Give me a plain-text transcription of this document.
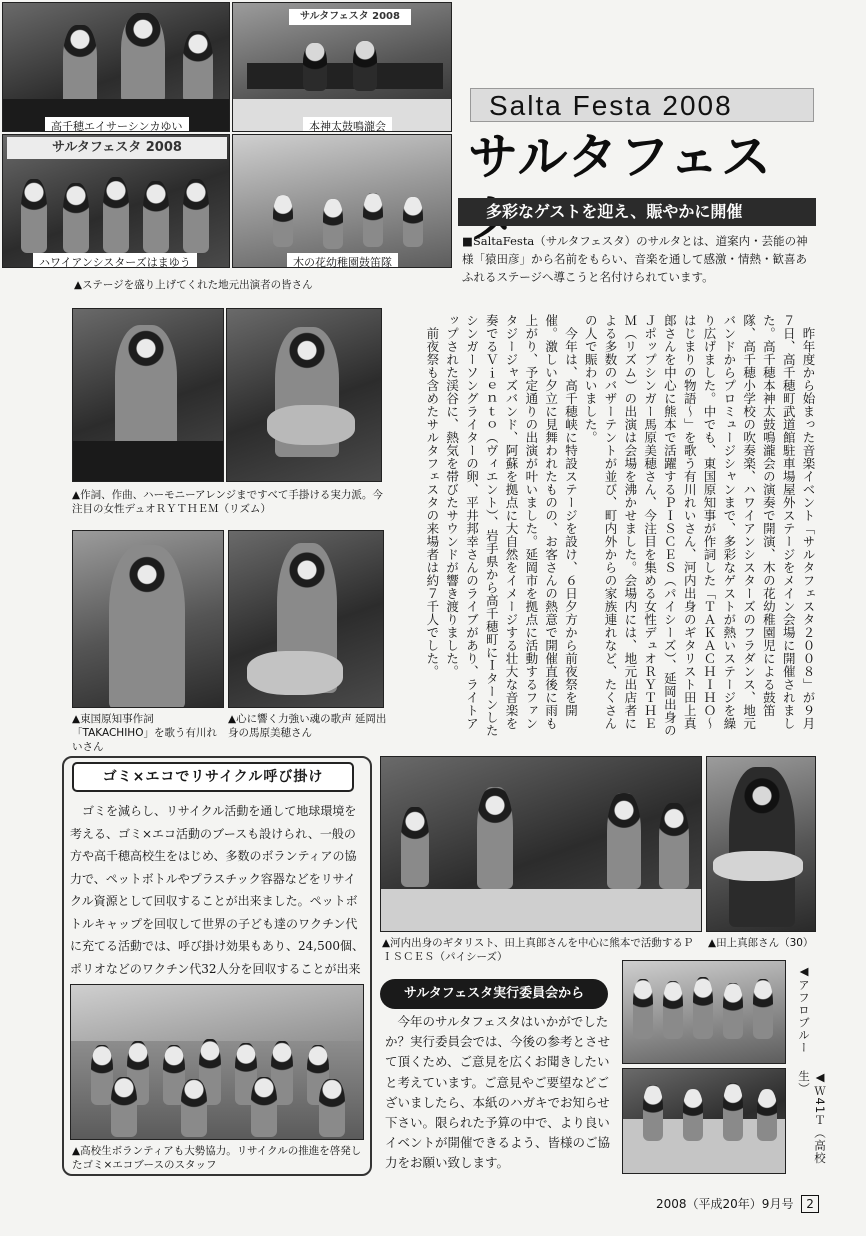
高千穂エイサーシンカゆい
サルタフェスタ 2008
本神太鼓鳴瀧会
サルタフェスタ 2008
ハワイアンシスターズはまゆう	木の花幼稚園鼓笛隊
▲ステージを盛り上げてくれた地元出演者の皆さん
Salta Festa 2008
サルタフェス
多彩なゲストを迎え、賑やかに開催
■SaltaFesta（サルタフェスタ）のサルタとは、道案内・芸能の神様「猿田彦」から名前をもらい、音楽を通して感激・情熱・歓喜あふれるステージへ導こうと名付けられています。
▲作詞、作曲、ハーモニーアレンジまですべて手掛ける実力派。今注目の女性デュオＲＹＴＨＥＭ（リズム）
▲東国原知事作詞「TAKACHIHO」を歌う有川れいさん
▲心に響く力強い魂の歌声 延岡出身の馬原美穂さん

昨年度から始まった音楽イベント「サルタフェスタ２００８」が９月７日、高千穂町武道館駐車場屋外ステージをメイン会場に開催されました。高千穂本神太鼓鳴瀧会の演奏で開演、木の花幼稚園児による鼓笛隊、高千穂小学校の吹奏楽、ハワイアンシスターズのフラダンス、地元バンドからプロミュージシャンまで、多彩なゲストが熱いステージを繰り広げました。中でも、東国原知事が作詞した「ＴＡＫＡＣＨＩＨＯ～はじまりの物語～」を歌う有川れいさん、河内出身のギタリスト田上真郎さんを中心に熊本で活躍するＰＩＳＣＥＳ（パイシーズ）、延岡出身のＪポップシンガー馬原美穂さん、今注目を集める女性デュオＲＹＴＨＥＭ（リズム）の出演は会場を沸かせました。会場内には、地元出店者による多数のバザーテントが並び、町内外からの家族連れなど、たくさんの人で賑わいました。

今年は、高千穂峡に特設ステージを設け、６日夕方から前夜祭を開催。激しい夕立に見舞われたものの、お客さんの熱意で開催直後に雨も上がり、予定通りの出演が叶いました。延岡市を拠点に活動するファンタジージャズバンド、阿蘇を拠点に大自然をイメージする壮大な音楽を奏でるＶｉｅｎｔｏ（ヴィエント）、岩手県から高千穂町にＩターンしたシンガーソングライターの卵、平井邦幸さんのライブがあり、ライトアップされた渓谷に、熱気を帯びたサウンドが響き渡りました。

前夜祭も含めたサルタフェスタの来場者は約７千人でした。

ゴミ×エコでリサイクル呼び掛け
ゴミを減らし、リサイクル活動を通して地球環境を考える、ゴミ×エコ活動のブースも設けられ、一般の方や高千穂高校生をはじめ、多数のボランティアの協力で、ペットボトルやプラスチック容器などをリサイクル資源として回収することが出来ました。ペットボトルキャップを回収して世界の子ども達のワクチン代に充てる活動では、呼び掛け効果もあり、24,500個、ポリオなどのワクチン代32人分を回収することが出来
▲高校生ボランティアも大勢協力。リサイクルの推進を啓発したゴミ×エコブースのスタッフ
▲河内出身のギタリスト、田上真郎さんを中心に熊本で活動するＰＩＳＣＥＳ（パイシーズ）
▲田上真郎さん（30）
サルタフェスタ実行委員会から
今年のサルタフェスタはいかがでしたか？実行委員会では、今後の参考とさせて頂くため、ご意見を広くお聞きしたいと考えています。ご意見やご要望などございましたら、本紙のハガキでお知らせ下さい。限られた予算の中で、より良いイベントが開催できるよう、皆様のご協力をお願い致します。
◀アフロブルー
◀Ｗ41Ｔ（高校生）
2008（平成20年）9月号 2
